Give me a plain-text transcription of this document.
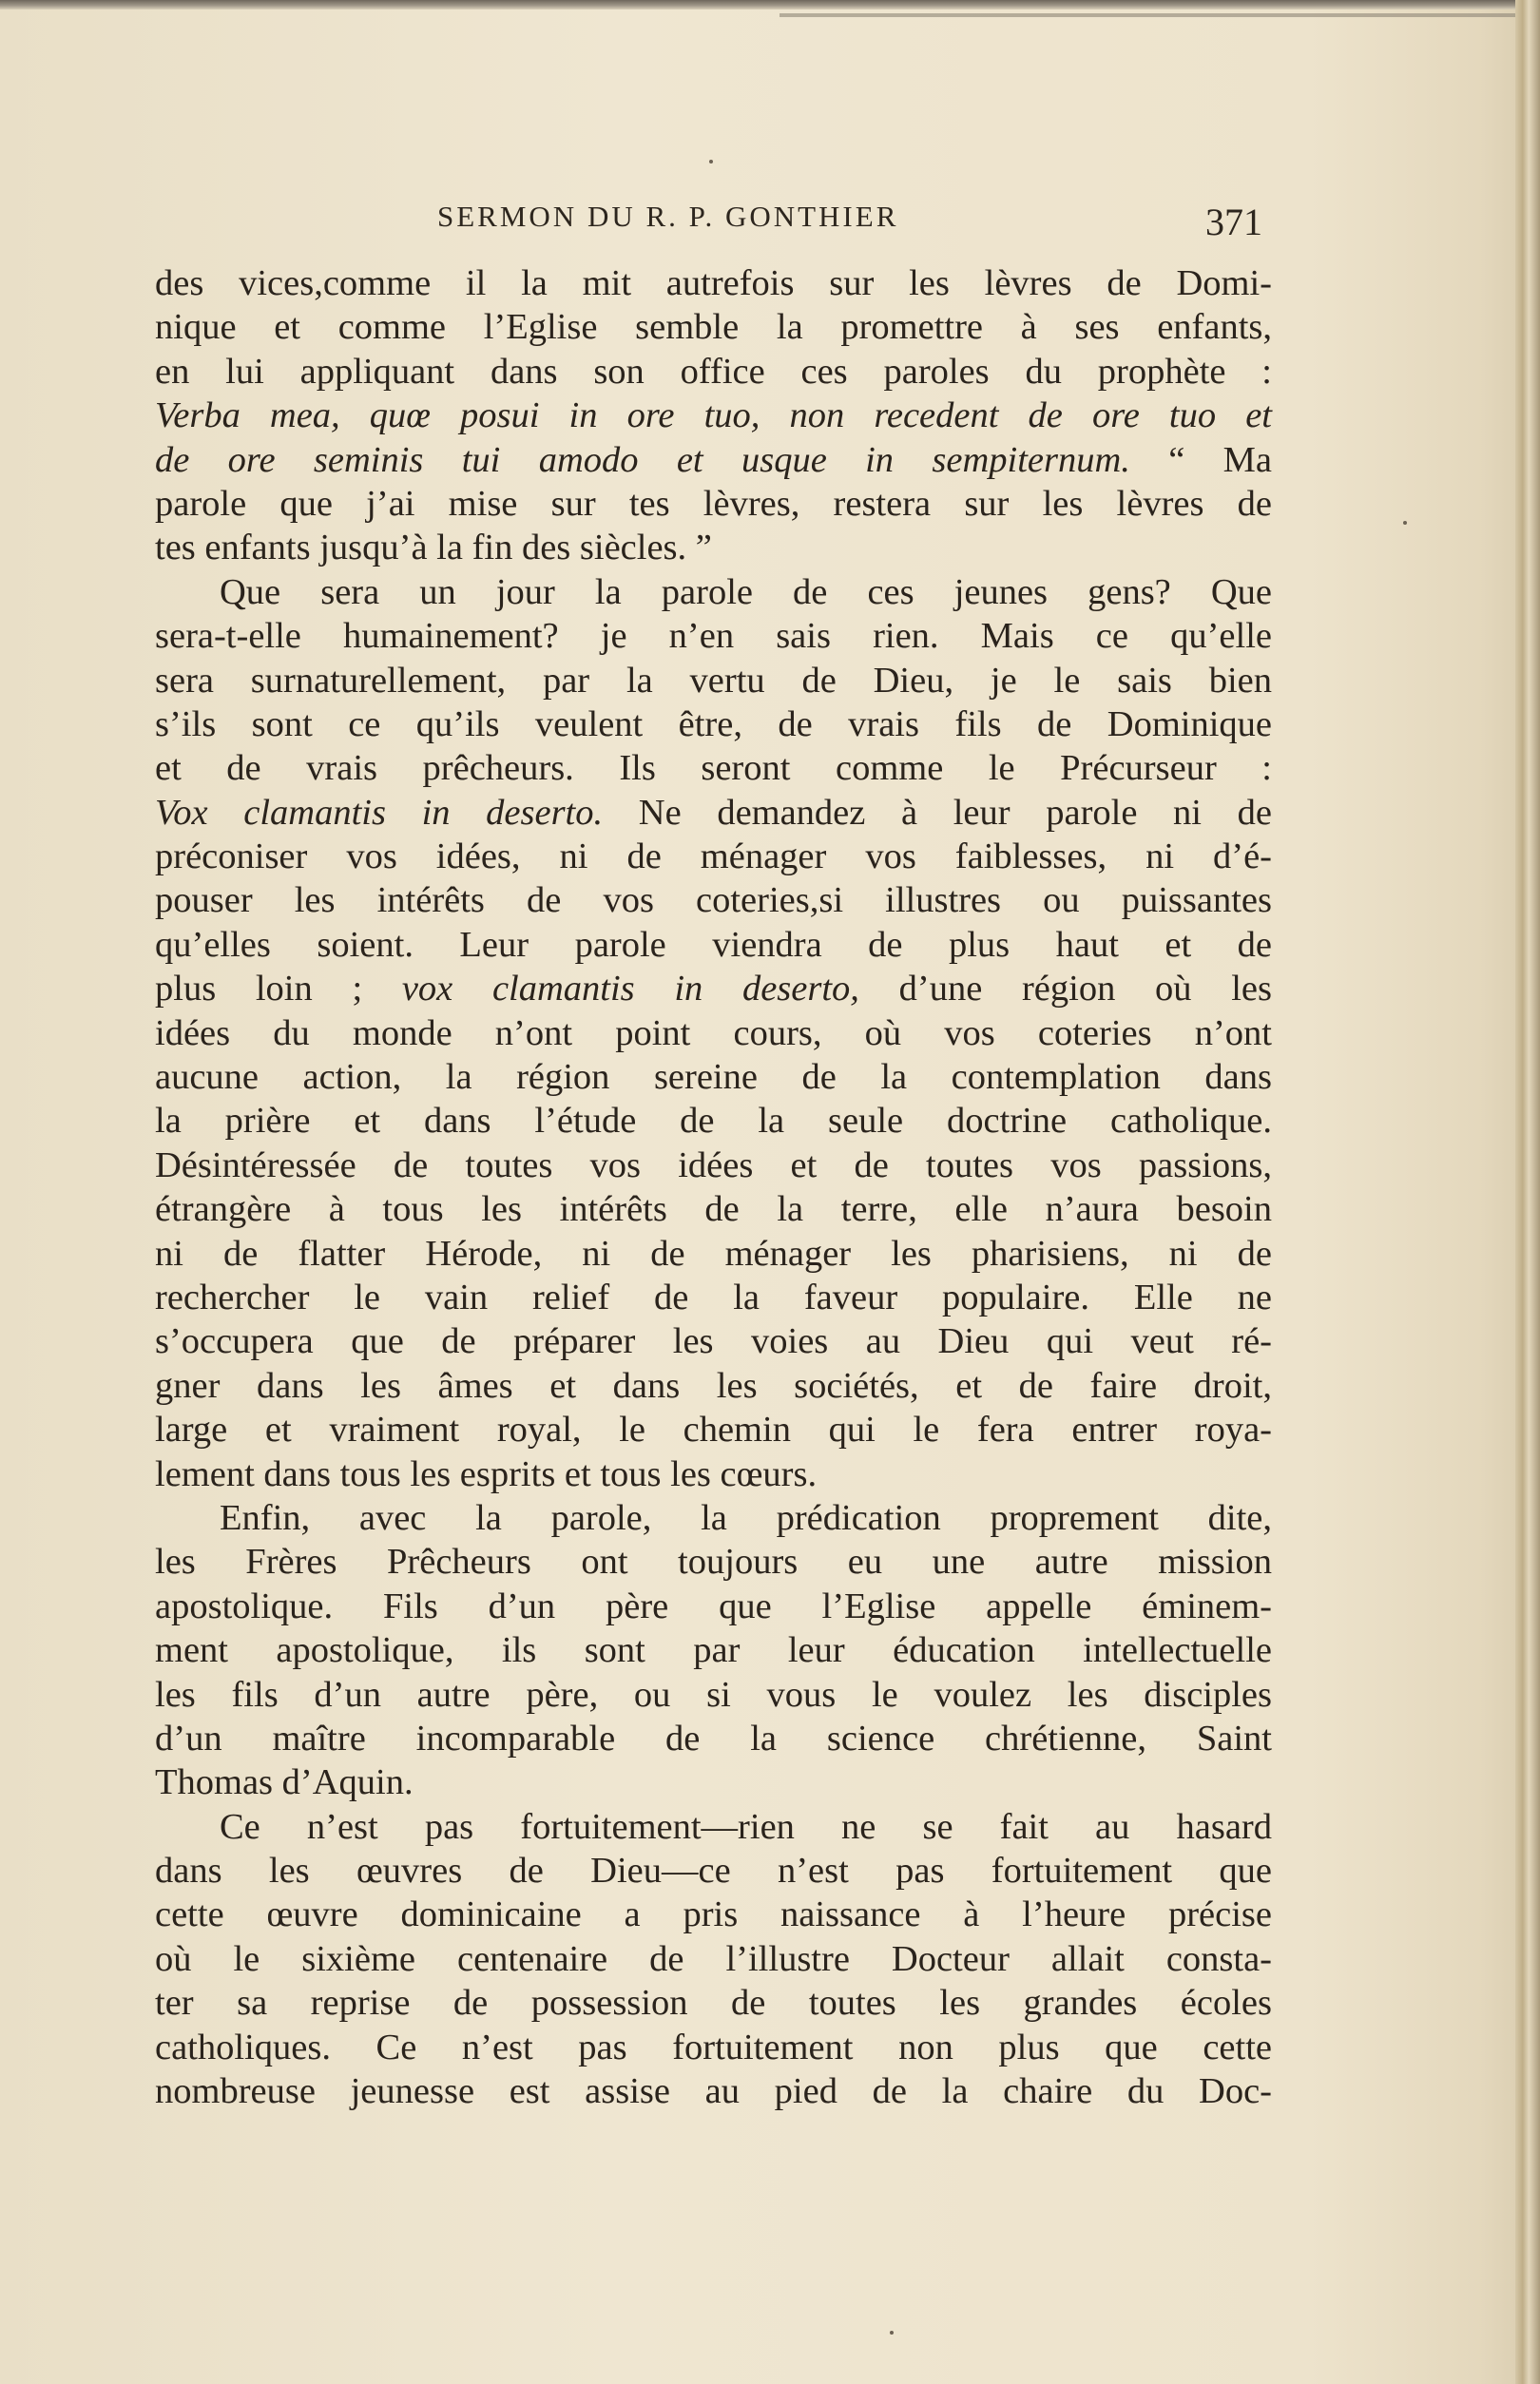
SERMON DU R. P. GONTHIER	371
des vices,comme il la mit autrefois sur les lèvres de Domi-
nique et comme l’Eglise semble la promettre à ses enfants,
en lui appliquant dans son office ces paroles du prophète :
Verba mea, quœ posui in ore tuo, non recedent de ore tuo et
de ore seminis tui amodo et usque in sempiternum. “ Ma
parole que j’ai mise sur tes lèvres, restera sur les lèvres de
tes enfants jusqu’à la fin des siècles. ”
Que sera un jour la parole de ces jeunes gens? Que
sera-t-elle humainement? je n’en sais rien. Mais ce qu’elle
sera surnaturellement, par la vertu de Dieu, je le sais bien
s’ils sont ce qu’ils veulent être, de vrais fils de Dominique
et de vrais prêcheurs. Ils seront comme le Précurseur :
Vox clamantis in deserto. Ne demandez à leur parole ni de
préconiser vos idées, ni de ménager vos faiblesses, ni d’é-
pouser les intérêts de vos coteries,si illustres ou puissantes
qu’elles soient. Leur parole viendra de plus haut et de
plus loin ; vox clamantis in deserto, d’une région où les
idées du monde n’ont point cours, où vos coteries n’ont
aucune action, la région sereine de la contemplation dans
la prière et dans l’étude de la seule doctrine catholique.
Désintéressée de toutes vos idées et de toutes vos passions,
étrangère à tous les intérêts de la terre, elle n’aura besoin
ni de flatter Hérode, ni de ménager les pharisiens, ni de
rechercher le vain relief de la faveur populaire. Elle ne
s’occupera que de préparer les voies au Dieu qui veut ré-
gner dans les âmes et dans les sociétés, et de faire droit,
large et vraiment royal, le chemin qui le fera entrer roya-
lement dans tous les esprits et tous les cœurs.
Enfin, avec la parole, la prédication proprement dite,
les Frères Prêcheurs ont toujours eu une autre mission
apostolique. Fils d’un père que l’Eglise appelle éminem-
ment apostolique, ils sont par leur éducation intellectuelle
les fils d’un autre père, ou si vous le voulez les disciples
d’un maître incomparable de la science chrétienne, Saint
Thomas d’Aquin.
Ce n’est pas fortuitement—rien ne se fait au hasard
dans les œuvres de Dieu—ce n’est pas fortuitement que
cette œuvre dominicaine a pris naissance à l’heure précise
où le sixième centenaire de l’illustre Docteur allait consta-
ter sa reprise de possession de toutes les grandes écoles
catholiques. Ce n’est pas fortuitement non plus que cette
nombreuse jeunesse est assise au pied de la chaire du Doc-
